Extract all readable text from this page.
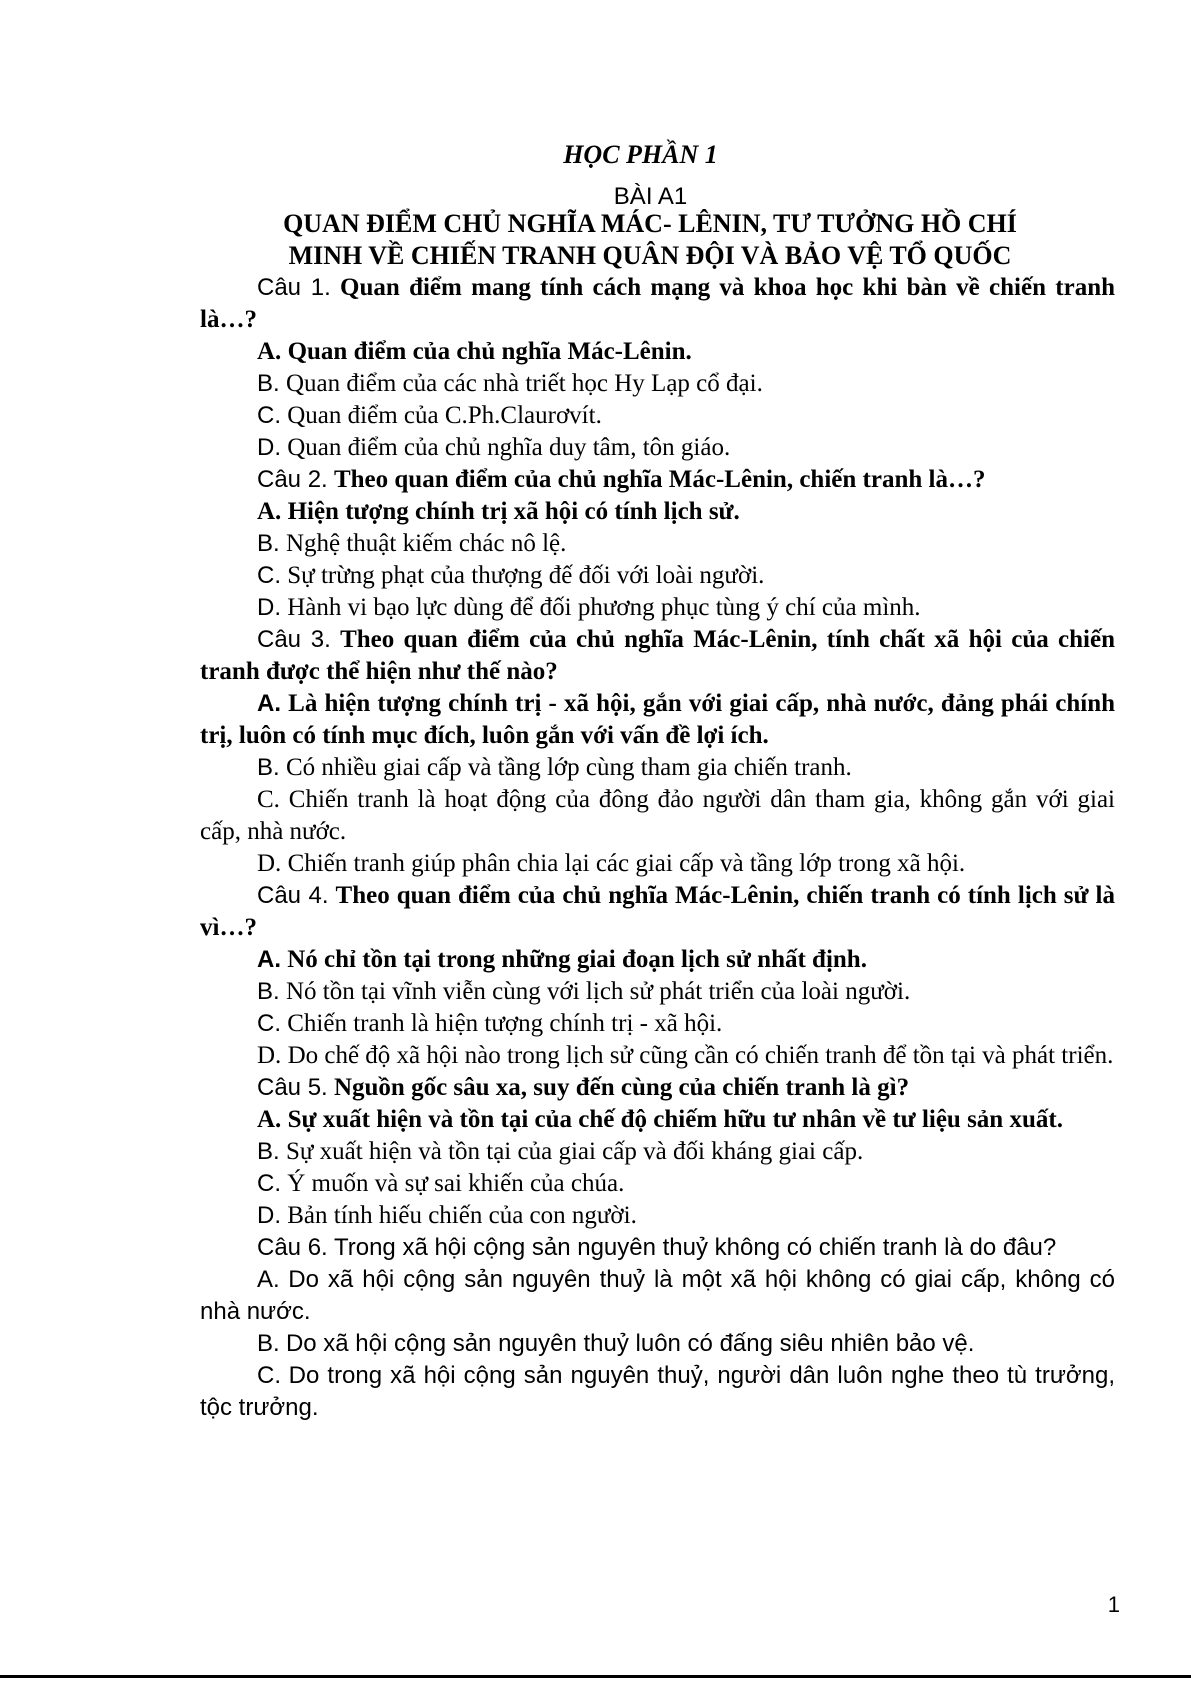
HỌC PHẦN 1
BÀI A1
QUAN ĐIỂM CHỦ NGHĨA MÁC- LÊNIN, TƯ TƯỞNG HỒ CHÍ
MINH VỀ CHIẾN TRANH QUÂN ĐỘI VÀ BẢO VỆ TỔ QUỐC

Câu 1. Quan điểm mang tính cách mạng và khoa học khi bàn về chiến tranh là…?

A. Quan điểm của chủ nghĩa Mác-Lênin.

B. Quan điểm của các nhà triết học Hy Lạp cổ đại.

C. Quan điểm của C.Ph.Claurơvít.

D. Quan điểm của chủ nghĩa duy tâm, tôn giáo.

Câu 2. Theo quan điểm của chủ nghĩa Mác-Lênin, chiến tranh là…?

A. Hiện tượng chính trị xã hội có tính lịch sử.

B. Nghệ thuật kiếm chác nô lệ.

C. Sự trừng phạt của thượng đế đối với loài người.

D. Hành vi bạo lực dùng để đối phương phục tùng ý chí của mình.

Câu 3. Theo quan điểm của chủ nghĩa Mác-Lênin, tính chất xã hội của chiến tranh được thể hiện như thế nào?

A. Là hiện tượng chính trị - xã hội, gắn với giai cấp, nhà nước, đảng phái chính trị, luôn có tính mục đích, luôn gắn với vấn đề lợi ích.

B. Có nhiều giai cấp và tầng lớp cùng tham gia chiến tranh.

C. Chiến tranh là hoạt động của đông đảo người dân tham gia, không gắn với giai cấp, nhà nước.

D. Chiến tranh giúp phân chia lại các giai cấp và tầng lớp trong xã hội.

Câu 4. Theo quan điểm của chủ nghĩa Mác-Lênin, chiến tranh có tính lịch sử là vì…?

A. Nó chỉ tồn tại trong những giai đoạn lịch sử nhất định.

B. Nó tồn tại vĩnh viễn cùng với lịch sử phát triển của loài người.

C. Chiến tranh là hiện tượng chính trị - xã hội.

D. Do chế độ xã hội nào trong lịch sử cũng cần có chiến tranh để tồn tại và phát triển.

Câu 5. Nguồn gốc sâu xa, suy đến cùng của chiến tranh là gì?

A. Sự xuất hiện và tồn tại của chế độ chiếm hữu tư nhân về tư liệu sản xuất.

B. Sự xuất hiện và tồn tại của giai cấp và đối kháng giai cấp.

C. Ý muốn và sự sai khiến của chúa.

D. Bản tính hiếu chiến của con người.

Câu 6. Trong xã hội cộng sản nguyên thuỷ không có chiến tranh là do đâu?

A. Do xã hội cộng sản nguyên thuỷ là một xã hội không có giai cấp, không có nhà nước.

B. Do xã hội cộng sản nguyên thuỷ luôn có đấng siêu nhiên bảo vệ.

C. Do trong xã hội cộng sản nguyên thuỷ, người dân luôn nghe theo tù trưởng, tộc trưởng.

1
